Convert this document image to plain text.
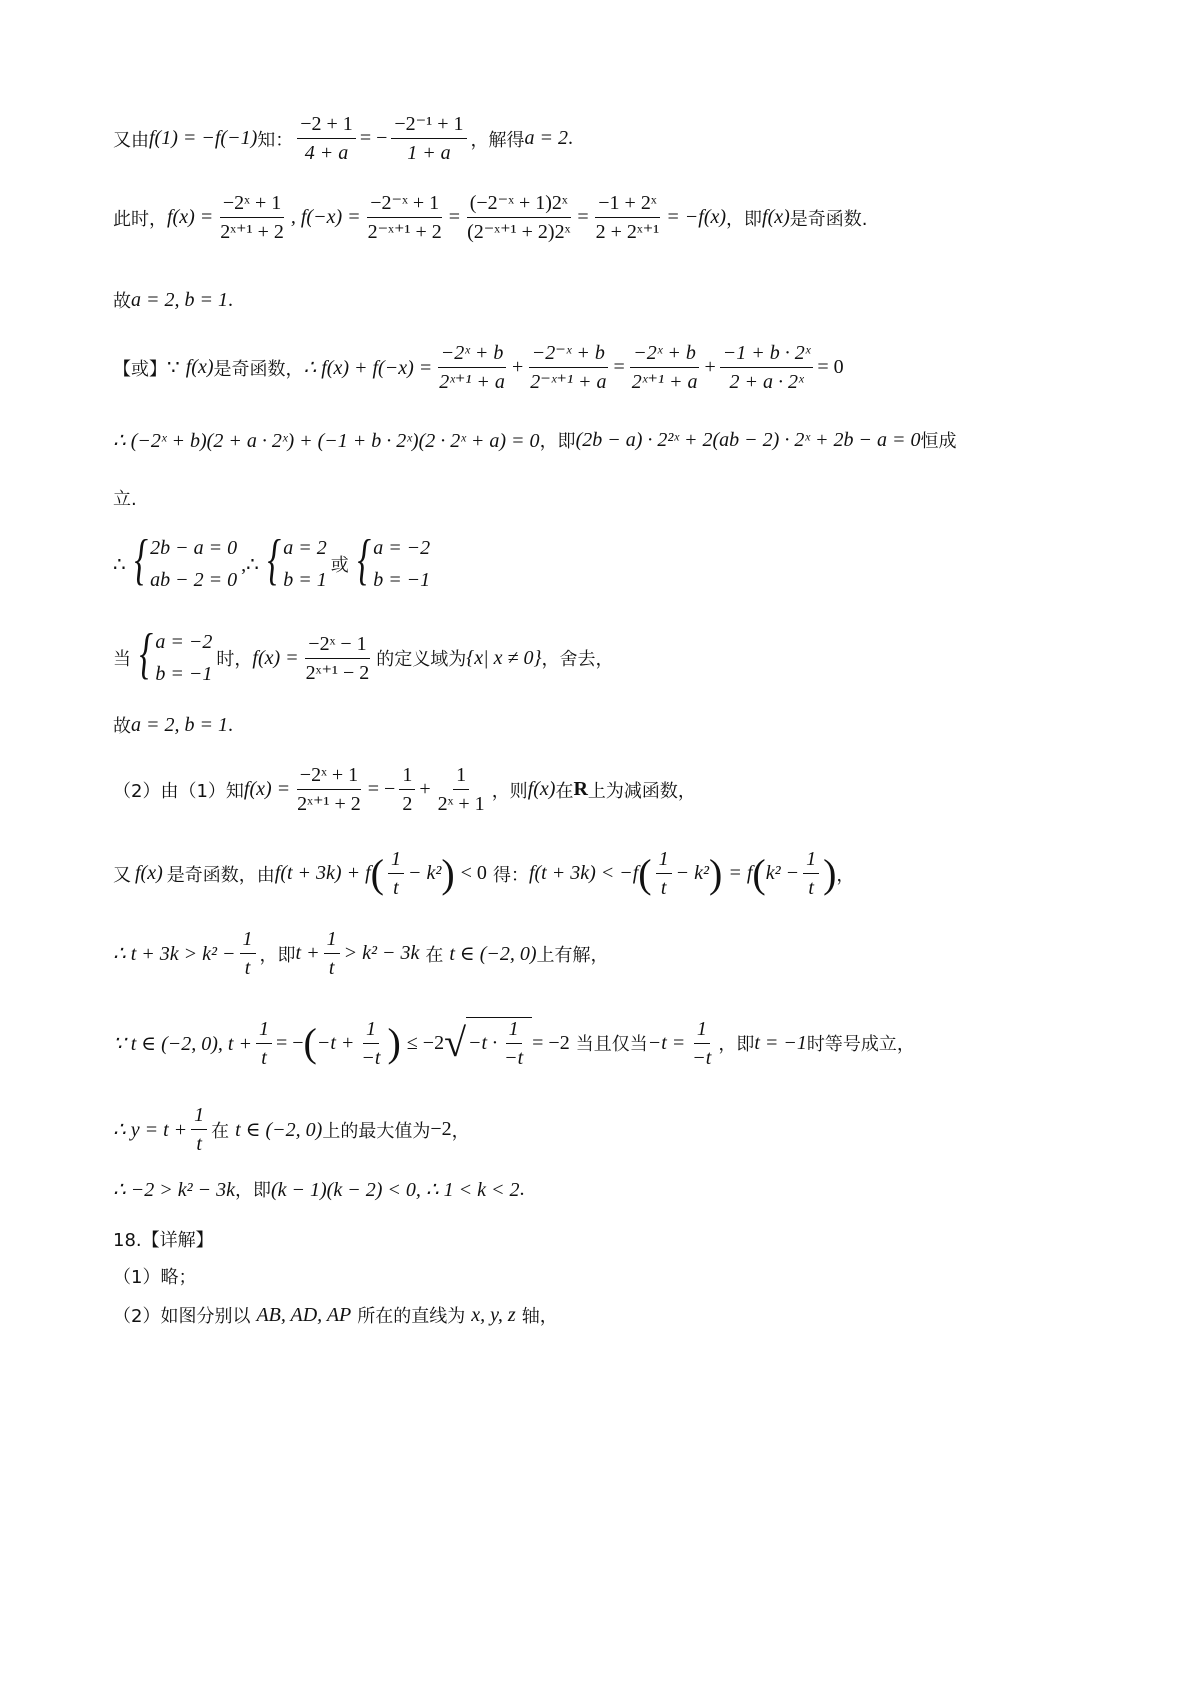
又由 f(1) = −f(−1) 知： $\frac{-2 + 1}{4 + a}$ = − $\frac{\text{−2⁻¹ + 1}}{1 + a}$ ，解得 a = 2 .
此时， $f(x) = \frac{\text{−2ˣ + 1}}{\text{2ˣ⁺¹ + 2}}$ , $f(-x) = \frac{\text{−2⁻ˣ + 1}}{\text{2⁻ˣ⁺¹ + 2}} = \frac{\text{(−2⁻ˣ + 1)2ˣ}}{\text{(2⁻ˣ⁺¹ + 2)2ˣ}} = \frac{\text{−1 + 2ˣ}}{\text{2 + 2ˣ⁺¹}} = -f(x)$ ，即 f(x) 是奇函数.
故 a = 2, b = 1 .
【或】 ∵ f(x) 是奇函数， ∴ $f(x) + f(-x) = \frac{\text{−2ˣ + b}}{\text{2ˣ⁺¹ + a}} + \frac{\text{−2⁻ˣ + b}}{\text{2⁻ˣ⁺¹ + a}} = \frac{\text{−2ˣ + b}}{\text{2ˣ⁺¹ + a}} + \frac{\text{−1 + b · 2ˣ}}{\text{2 + a · 2ˣ}} = 0$
∴ (−2ˣ + b)(2 + a · 2ˣ) + (−1 + b · 2ˣ)(2 · 2ˣ + a) = 0 ，即 (2b − a) · 2²ˣ + 2(ab − 2) · 2ˣ + 2b − a = 0 恒成
立.
∴ { 2b − a = 0
ab − 2 = 0
,∴ { a = 2
b = 1
或 { a = −2
b = −1
当 { a = −2
b = −1
时， $f(x) = \frac{\text{−2ˣ − 1}}{\text{2ˣ⁺¹ − 2}}$ 的定义域为 {x| x ≠ 0} ，舍去，
故 a = 2, b = 1 .
（2）由（1）知 $f(x) = \frac{\text{−2ˣ + 1}}{\text{2ˣ⁺¹ + 2}}$ = − $\frac{1}{2} + \frac{1}{\text{2ˣ + 1}}$ ，则 f(x) 在 R 上为减函数，
又 f(x) 是奇函数，由 f(t + 3k) + f ( $\frac{1}{t} - k^2$ ) < 0 得： f(t + 3k) < −f ( $\frac{1}{t} - k^2$ ) = f ( $k^2 - \frac{1}{t}$ ) ，
∴ $t + 3k > k^2 - \frac{1}{t}$ ，即 $t + \frac{1}{t} > k^2 - 3k$ 在 t ∈ (−2, 0) 上有解，
∵ t ∈ (−2, 0), $t + \frac{1}{t}$ = − ( $-t + \frac{1}{-t}$ ) ≤ −2 √ $-t \cdot \frac{1}{-t} = -2$ 当且仅当 $-t = \frac{1}{-t}$ ，即 t = −1 时等号成立，
∴ $y = t + \frac{1}{t}$ 在 t ∈ (−2, 0) 上的最大值为 −2 ，
∴ −2 > k² − 3k ，即 (k − 1)(k − 2) < 0, ∴ 1 < k < 2 .
18.【详解】
（1）略；
（2）如图分别以 AB, AD, AP 所在的直线为 x, y, z 轴，
